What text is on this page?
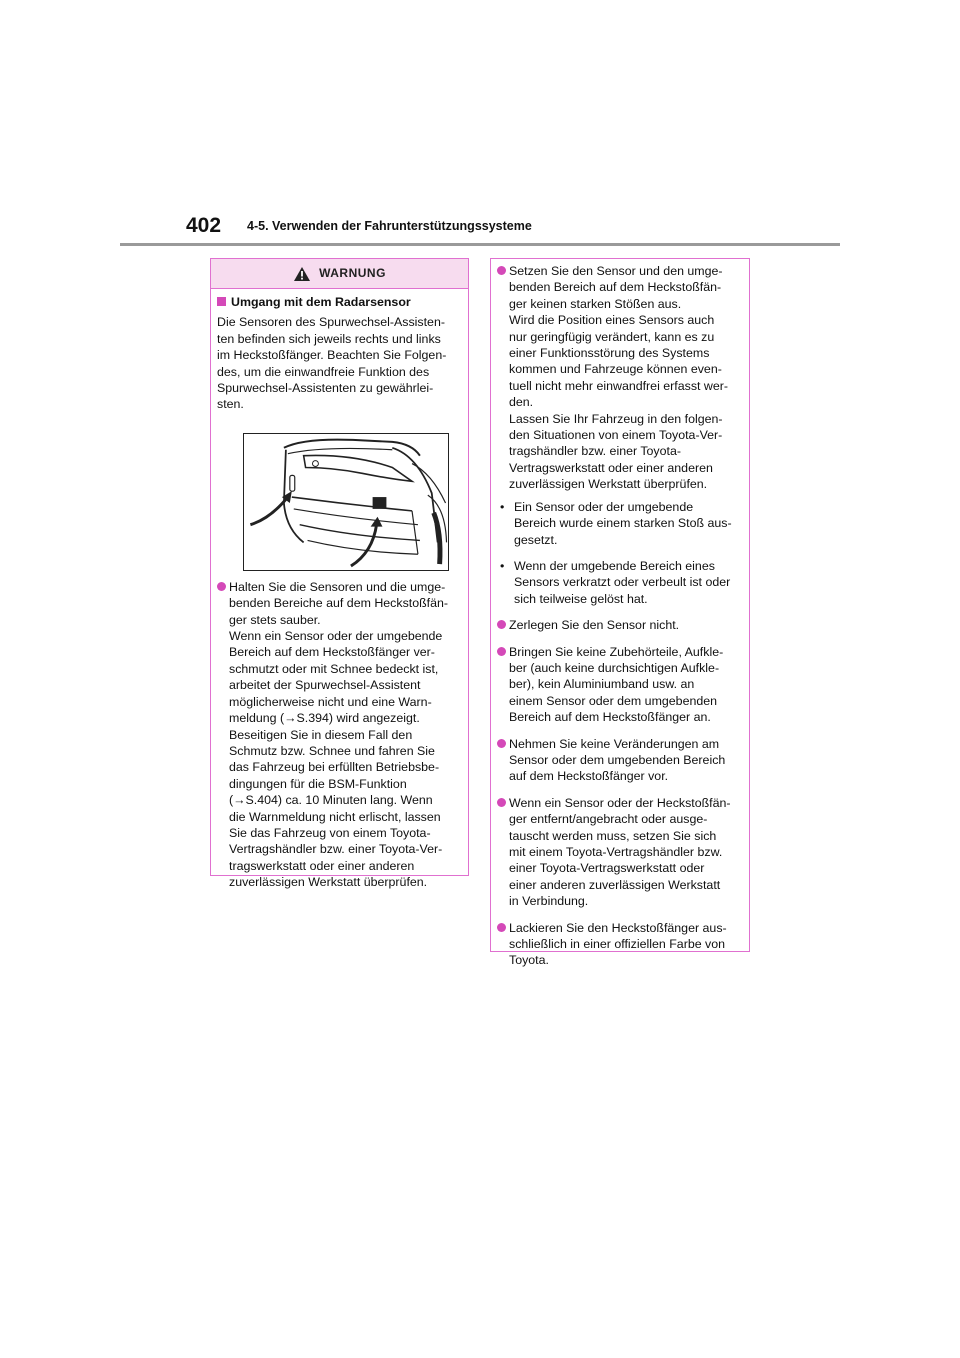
402 4-5. Verwenden der Fahrunterstützungssysteme
WARNUNG
Umgang mit dem Radarsensor
Die Sensoren des Spurwechsel-Assisten-
ten befinden sich jeweils rechts und links
im Heckstoßfänger. Beachten Sie Folgen-
des, um die einwandfreie Funktion des
Spurwechsel-Assistenten zu gewährlei-
sten.
Halten Sie die Sensoren und die umge-
benden Bereiche auf dem Heckstoßfän-
ger stets sauber.
Wenn ein Sensor oder der umgebende
Bereich auf dem Heckstoßfänger ver-
schmutzt oder mit Schnee bedeckt ist,
arbeitet der Spurwechsel-Assistent
möglicherweise nicht und eine Warn-
meldung (→S.394) wird angezeigt.
Beseitigen Sie in diesem Fall den
Schmutz bzw. Schnee und fahren Sie
das Fahrzeug bei erfüllten Betriebsbe-
dingungen für die BSM-Funktion
(→S.404) ca. 10 Minuten lang. Wenn
die Warnmeldung nicht erlischt, lassen
Sie das Fahrzeug von einem Toyota-
Vertragshändler bzw. einer Toyota-Ver-
tragswerkstatt oder einer anderen
zuverlässigen Werkstatt überprüfen.
Setzen Sie den Sensor und den umge-
benden Bereich auf dem Heckstoßfän-
ger keinen starken Stößen aus.
Wird die Position eines Sensors auch
nur geringfügig verändert, kann es zu
einer Funktionsstörung des Systems
kommen und Fahrzeuge können even-
tuell nicht mehr einwandfrei erfasst wer-
den.
Lassen Sie Ihr Fahrzeug in den folgen-
den Situationen von einem Toyota-Ver-
tragshändler bzw. einer Toyota-
Vertragswerkstatt oder einer anderen
zuverlässigen Werkstatt überprüfen.
• Ein Sensor oder der umgebende
Bereich wurde einem starken Stoß aus-
gesetzt.
• Wenn der umgebende Bereich eines
Sensors verkratzt oder verbeult ist oder
sich teilweise gelöst hat.
Zerlegen Sie den Sensor nicht.
Bringen Sie keine Zubehörteile, Aufkle-
ber (auch keine durchsichtigen Aufkle-
ber), kein Aluminiumband usw. an
einem Sensor oder dem umgebenden
Bereich auf dem Heckstoßfänger an.
Nehmen Sie keine Veränderungen am
Sensor oder dem umgebenden Bereich
auf dem Heckstoßfänger vor.
Wenn ein Sensor oder der Heckstoßfän-
ger entfernt/angebracht oder ausge-
tauscht werden muss, setzen Sie sich
mit einem Toyota-Vertragshändler bzw.
einer Toyota-Vertragswerkstatt oder
einer anderen zuverlässigen Werkstatt
in Verbindung.
Lackieren Sie den Heckstoßfänger aus-
schließlich in einer offiziellen Farbe von
Toyota.
